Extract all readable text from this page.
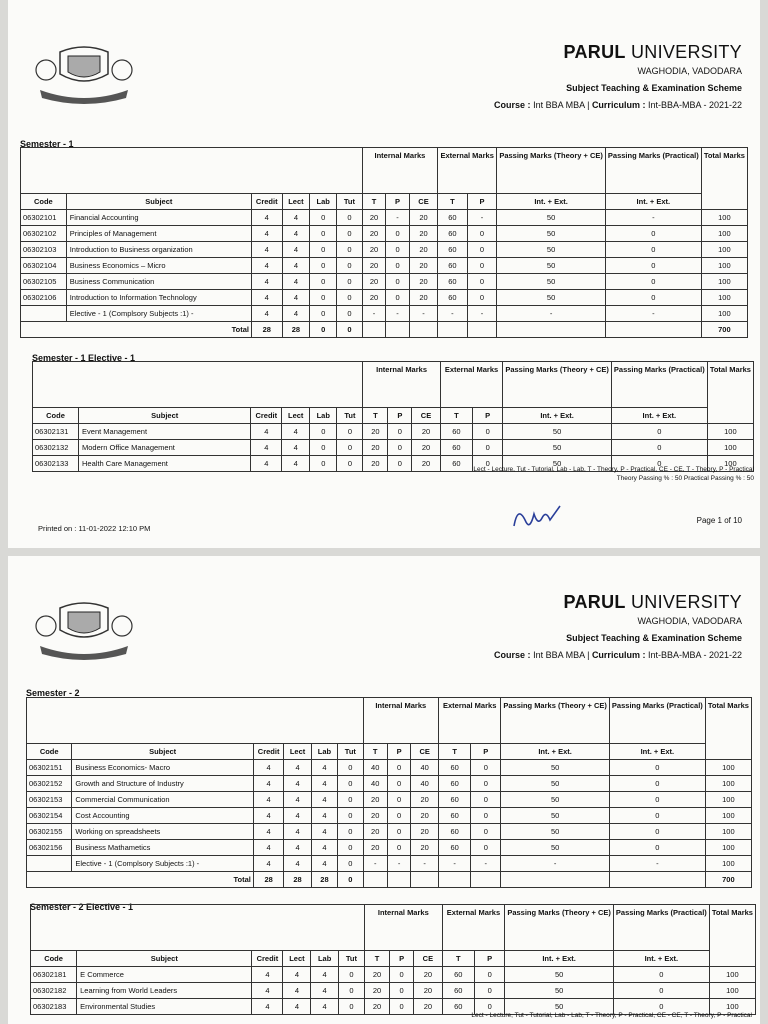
PARUL UNIVERSITY
WAGHODIA, VADODARA
Subject Teaching & Examination Scheme
Course : Int BBA MBA | Curriculum : Int-BBA-MBA - 2021-22
Semester - 1
						Internal Marks			External Marks		Passing Marks (Theory + CE)	Passing Marks (Practical)	Total Marks
Code	Subject	Credit	Lect	Lab	Tut	T	P	CE	T	P	Int. + Ext.	Int. + Ext.	
06302101	Financial Accounting	4	4	0	0	20	-	20	60	-	50	-	100
06302102	Principles of Management	4	4	0	0	20	0	20	60	0	50	0	100
06302103	Introduction to Business organization	4	4	0	0	20	0	20	60	0	50	0	100
06302104	Business Economics – Micro	4	4	0	0	20	0	20	60	0	50	0	100
06302105	Business Communication	4	4	0	0	20	0	20	60	0	50	0	100
06302106	Introduction to Information Technology	4	4	0	0	20	0	20	60	0	50	0	100
	Elective - 1 (Complsory Subjects :1) -	4	4	0	0	-	-	-	-	-	-	-	100
Total		28	28	0	0								700
Semester - 1 Elective - 1
						Internal Marks			External Marks		Passing Marks (Theory + CE)	Passing Marks (Practical)	Total Marks
Code	Subject	Credit	Lect	Lab	Tut	T	P	CE	T	P	Int. + Ext.	Int. + Ext.	
06302131	Event Management	4	4	0	0	20	0	20	60	0	50	0	100
06302132	Modern Office Management	4	4	0	0	20	0	20	60	0	50	0	100
06302133	Health Care Management	4	4	0	0	20	0	20	60	0	50	0	100
Lect - Lecture, Tut - Tutorial, Lab - Lab, T - Theory, P - Practical, CE - CE, T - Theory, P - Practical
Theory Passing % : 50 Practical Passing % : 50
Printed on : 11-01-2022 12:10 PM
Page 1 of 10
PARUL UNIVERSITY
WAGHODIA, VADODARA
Subject Teaching & Examination Scheme
Course : Int BBA MBA | Curriculum : Int-BBA-MBA - 2021-22
Semester - 2
						Internal Marks			External Marks		Passing Marks (Theory + CE)	Passing Marks (Practical)	Total Marks
Code	Subject	Credit	Lect	Lab	Tut	T	P	CE	T	P	Int. + Ext.	Int. + Ext.	
06302151	Business Economics- Macro	4	4	4	0	40	0	40	60	0	50	0	100
06302152	Growth and Structure of Industry	4	4	4	0	40	0	40	60	0	50	0	100
06302153	Commercial Communication	4	4	4	0	20	0	20	60	0	50	0	100
06302154	Cost Accounting	4	4	4	0	20	0	20	60	0	50	0	100
06302155	Working on spreadsheets	4	4	4	0	20	0	20	60	0	50	0	100
06302156	Business Mathametics	4	4	4	0	20	0	20	60	0	50	0	100
	Elective - 1 (Complsory Subjects :1) -	4	4	4	0	-	-	-	-	-	-	-	100
Total		28	28	28	0								700
Semester - 2 Elective - 1
						Internal Marks			External Marks		Passing Marks (Theory + CE)	Passing Marks (Practical)	Total Marks
Code	Subject	Credit	Lect	Lab	Tut	T	P	CE	T	P	Int. + Ext.	Int. + Ext.	
06302181	E Commerce	4	4	4	0	20	0	20	60	0	50	0	100
06302182	Learning from World Leaders	4	4	4	0	20	0	20	60	0	50	0	100
06302183	Environmental Studies	4	4	4	0	20	0	20	60	0	50	0	100
Lect - Lecture, Tut - Tutorial, Lab - Lab, T - Theory, P - Practical, CE - CE, T - Theory, P - Practical
